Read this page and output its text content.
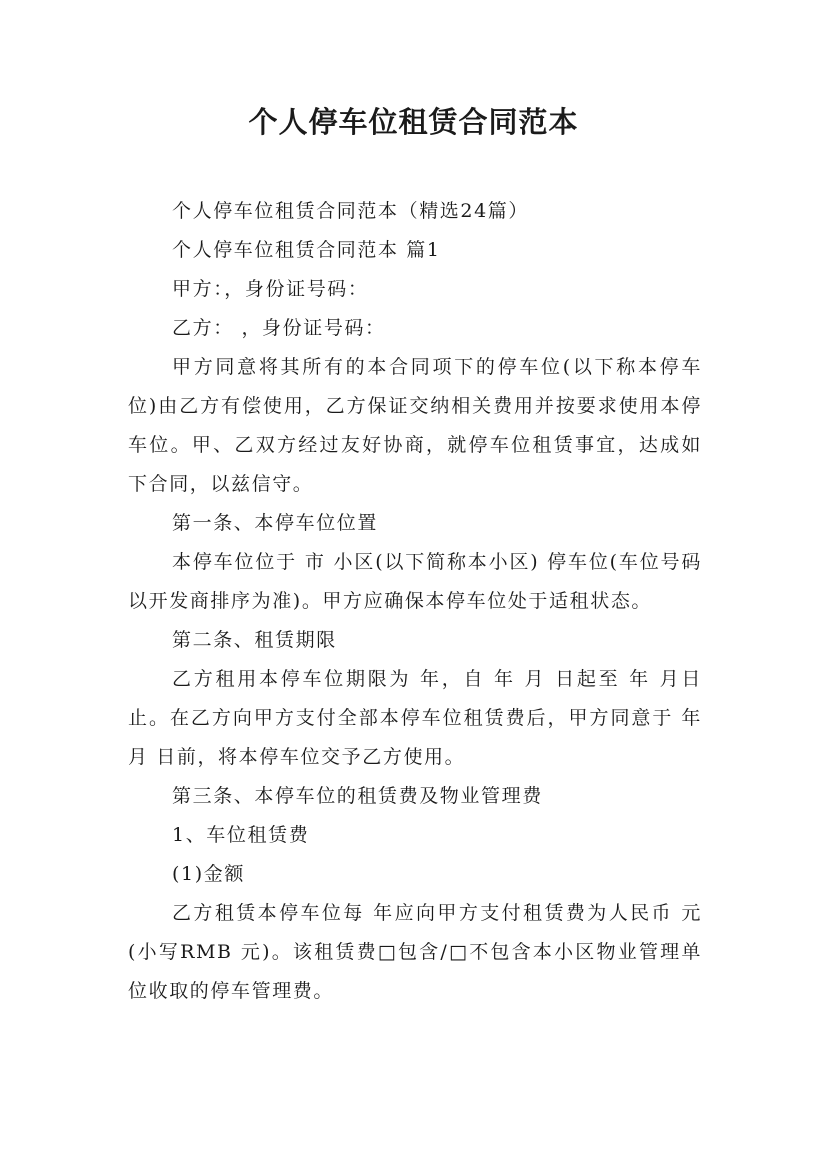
个人停车位租赁合同范本

个人停车位租赁合同范本（精选24篇）

个人停车位租赁合同范本 篇1

甲方：，身份证号码：

乙方： ，身份证号码：

甲方同意将其所有的本合同项下的停车位(以下称本停车位)由乙方有偿使用，乙方保证交纳相关费用并按要求使用本停车位。甲、乙双方经过友好协商，就停车位租赁事宜，达成如下合同，以兹信守。

第一条、本停车位位置

本停车位位于 市 小区(以下简称本小区) 停车位(车位号码以开发商排序为准)。甲方应确保本停车位处于适租状态。

第二条、租赁期限

乙方租用本停车位期限为 年，自 年 月 日起至 年 月日止。在乙方向甲方支付全部本停车位租赁费后，甲方同意于 年 月 日前，将本停车位交予乙方使用。

第三条、本停车位的租赁费及物业管理费

1、车位租赁费

(1)金额

乙方租赁本停车位每 年应向甲方支付租赁费为人民币 元(小写RMB 元)。该租赁费□包含/□不包含本小区物业管理单位收取的停车管理费。
